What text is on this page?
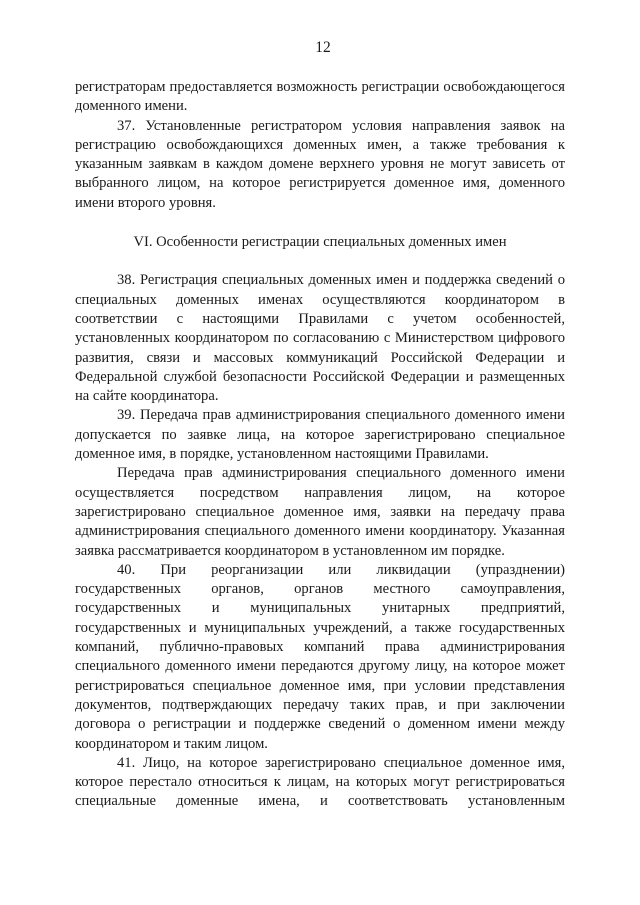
12

регистраторам предоставляется возможность регистрации освобождающегося доменного имени.

37. Установленные регистратором условия направления заявок на регистрацию освобождающихся доменных имен, а также требования к указанным заявкам в каждом домене верхнего уровня не могут зависеть от выбранного лицом, на которое регистрируется доменное имя, доменного имени второго уровня.

VI. Особенности регистрации специальных доменных имен

38. Регистрация специальных доменных имен и поддержка сведений о специальных доменных именах осуществляются координатором в соответствии с настоящими Правилами с учетом особенностей, установленных координатором по согласованию с Министерством цифрового развития, связи и массовых коммуникаций Российской Федерации и Федеральной службой безопасности Российской Федерации и размещенных на сайте координатора.

39. Передача прав администрирования специального доменного имени допускается по заявке лица, на которое зарегистрировано специальное доменное имя, в порядке, установленном настоящими Правилами.

Передача прав администрирования специального доменного имени осуществляется посредством направления лицом, на которое зарегистрировано специальное доменное имя, заявки на передачу права администрирования специального доменного имени координатору. Указанная заявка рассматривается координатором в установленном им порядке.

40. При реорганизации или ликвидации (упразднении) государственных органов, органов местного самоуправления, государственных и муниципальных унитарных предприятий, государственных и муниципальных учреждений, а также государственных компаний, публично-правовых компаний права администрирования специального доменного имени передаются другому лицу, на которое может регистрироваться специальное доменное имя, при условии представления документов, подтверждающих передачу таких прав, и при заключении договора о регистрации и поддержке сведений о доменном имени между координатором и таким лицом.

41. Лицо, на которое зарегистрировано специальное доменное имя, которое перестало относиться к лицам, на которых могут регистрироваться специальные доменные имена, и соответствовать установленным
